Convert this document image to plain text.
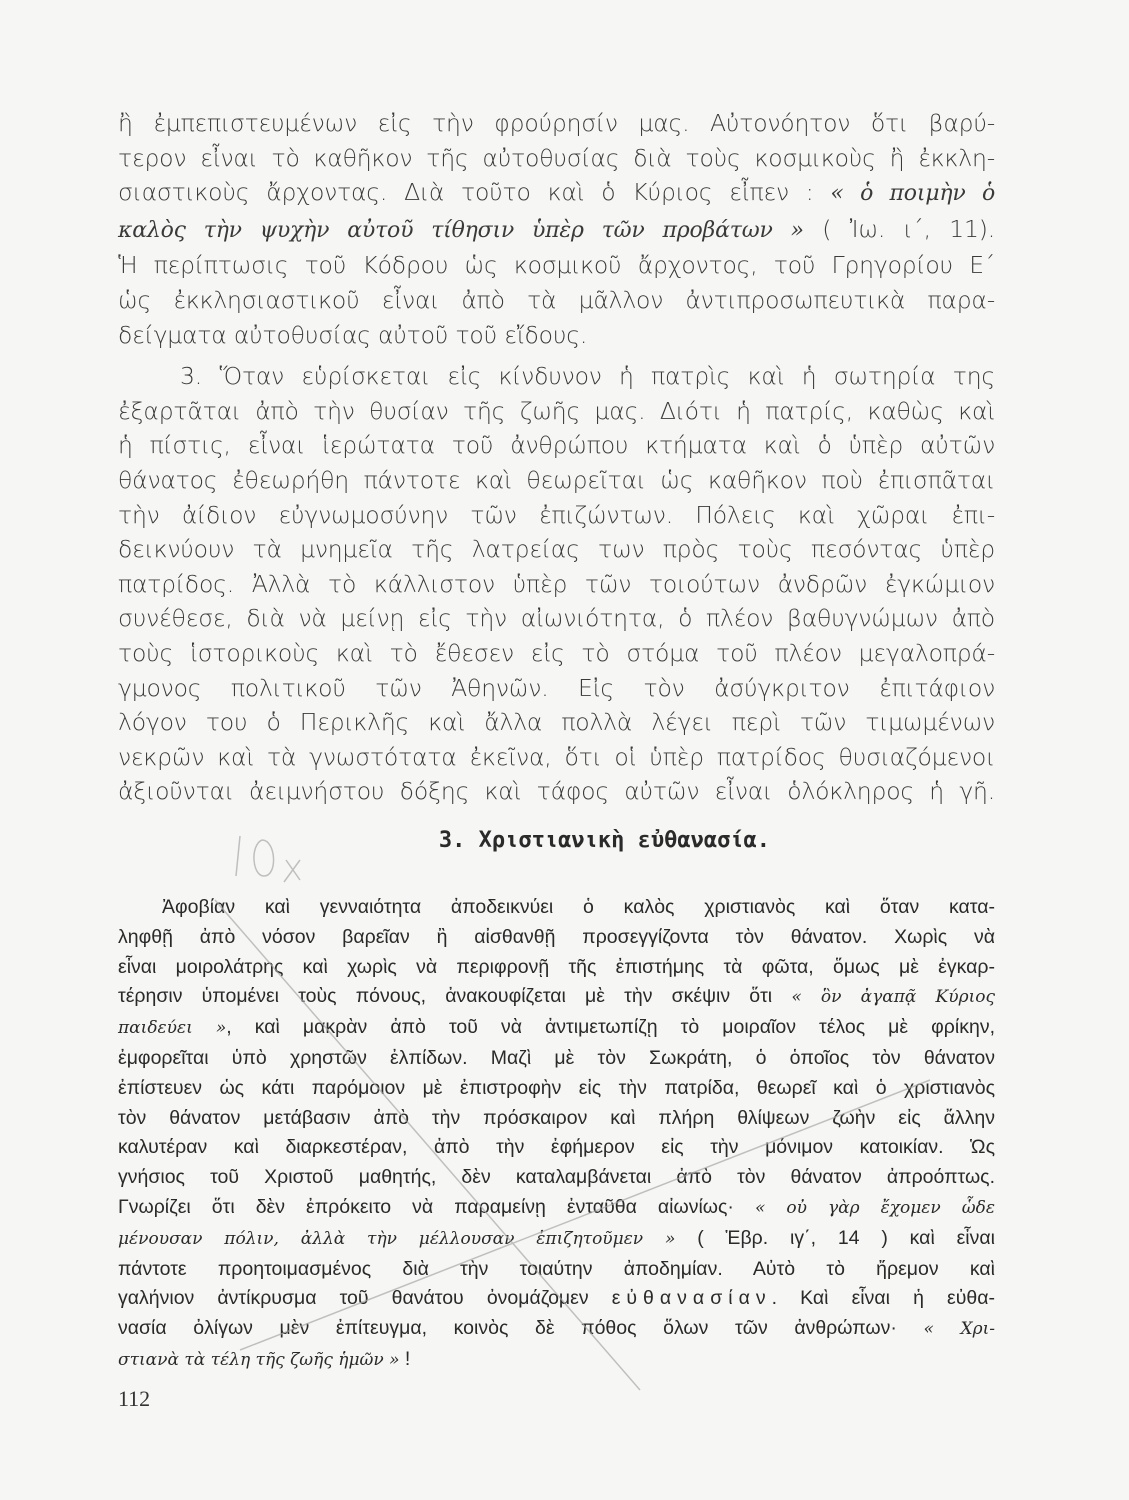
ἢ ἐμπεπιστευμένων εἰς τὴν φρούρησίν μας. Αὐτονόητον ὅτι βαρύ-
τερον εἶναι τὸ καθῆκον τῆς αὐτοθυσίας διὰ τοὺς κοσμικοὺς ἢ ἐκκλη-
σιαστικοὺς ἄρχοντας. Διὰ τοῦτο καὶ ὁ Κύριος εἶπεν : « ὁ ποιμὴν ὁ
καλὸς τὴν ψυχὴν αὐτοῦ τίθησιν ὑπὲρ τῶν προβάτων » ( Ἰω. ι΄, 11).
Ἡ περίπτωσις τοῦ Κόδρου ὡς κοσμικοῦ ἄρχοντος, τοῦ Γρηγορίου Ε΄
ὡς ἐκκλησιαστικοῦ εἶναι ἀπὸ τὰ μᾶλλον ἀντιπροσωπευτικὰ παρα-
δείγματα αὐτοθυσίας αὐτοῦ τοῦ εἴδους.
3. Ὅταν εὑρίσκεται εἰς κίνδυνον ἡ πατρὶς καὶ ἡ σωτηρία της
ἐξαρτᾶται ἀπὸ τὴν θυσίαν τῆς ζωῆς μας. Διότι ἡ πατρίς, καθὼς καὶ
ἡ πίστις, εἶναι ἱερώτατα τοῦ ἀνθρώπου κτήματα καὶ ὁ ὑπὲρ αὐτῶν
θάνατος ἐθεωρήθη πάντοτε καὶ θεωρεῖται ὡς καθῆκον ποὺ ἐπισπᾶται
τὴν ἀίδιον εὐγνωμοσύνην τῶν ἐπιζώντων. Πόλεις καὶ χῶραι ἐπι-
δεικνύουν τὰ μνημεῖα τῆς λατρείας των πρὸς τοὺς πεσόντας ὑπὲρ
πατρίδος. Ἀλλὰ τὸ κάλλιστον ὑπὲρ τῶν τοιούτων ἀνδρῶν ἐγκώμιον
συνέθεσε, διὰ νὰ μείνῃ εἰς τὴν αἰωνιότητα, ὁ πλέον βαθυγνώμων ἀπὸ
τοὺς ἱστορικοὺς καὶ τὸ ἔθεσεν εἰς τὸ στόμα τοῦ πλέον μεγαλοπρά-
γμονος πολιτικοῦ τῶν Ἀθηνῶν. Εἰς τὸν ἀσύγκριτον ἐπιτάφιον
λόγον του ὁ Περικλῆς καὶ ἄλλα πολλὰ λέγει περὶ τῶν τιμωμένων
νεκρῶν καὶ τὰ γνωστότατα ἐκεῖνα, ὅτι οἱ ὑπὲρ πατρίδος θυσιαζόμενοι
ἀξιοῦνται ἀειμνήστου δόξης καὶ τάφος αὐτῶν εἶναι ὁλόκληρος ἡ γῆ.
3. Χριστιανικὴ εὐθανασία.
Ἀφοβίαν καὶ γενναιότητα ἀποδεικνύει ὁ καλὸς χριστιανὸς καὶ ὅταν κατα-
ληφθῇ ἀπὸ νόσον βαρεῖαν ἢ αἰσθανθῇ προσεγγίζοντα τὸν θάνατον. Χωρὶς νὰ
εἶναι μοιρολάτρης καὶ χωρὶς νὰ περιφρονῇ τῆς ἐπιστήμης τὰ φῶτα, ὅμως μὲ ἐγκαρ-
τέρησιν ὑπομένει τοὺς πόνους, ἀνακουφίζεται μὲ τὴν σκέψιν ὅτι « ὃν ἀγαπᾷ Κύριος
παιδεύει », καὶ μακρὰν ἀπὸ τοῦ νὰ ἀντιμετωπίζῃ τὸ μοιραῖον τέλος μὲ φρίκην,
ἐμφορεῖται ὑπὸ χρηστῶν ἐλπίδων. Μαζὶ μὲ τὸν Σωκράτη, ὁ ὁποῖος τὸν θάνατον
ἐπίστευεν ὡς κάτι παρόμοιον μὲ ἐπιστροφὴν εἰς τὴν πατρίδα, θεωρεῖ καὶ ὁ χριστιανὸς
τὸν θάνατον μετάβασιν ἀπὸ τὴν πρόσκαιρον καὶ πλήρη θλίψεων ζωὴν εἰς ἄλλην
καλυτέραν καὶ διαρκεστέραν, ἀπὸ τὴν ἐφήμερον εἰς τὴν μόνιμον κατοικίαν. Ὡς
γνήσιος τοῦ Χριστοῦ μαθητής, δὲν καταλαμβάνεται ἀπὸ τὸν θάνατον ἀπροόπτως.
Γνωρίζει ὅτι δὲν ἐπρόκειτο νὰ παραμείνῃ ἐνταῦθα αἰωνίως· « οὐ γὰρ ἔχομεν ὧδε
μένουσαν πόλιν, ἀλλὰ τὴν μέλλουσαν ἐπιζητοῦμεν » ( Ἑβρ. ιγ΄, 14 ) καὶ εἶναι
πάντοτε προητοιμασμένος διὰ τὴν τοιαύτην ἀποδημίαν. Αὐτὸ τὸ ἤρεμον καὶ
γαλήνιον ἀντίκρυσμα τοῦ θανάτου ὀνομάζομεν εὐθανασίαν. Καὶ εἶναι ἡ εὐθα-
νασία ὀλίγων μὲν ἐπίτευγμα, κοινὸς δὲ πόθος ὅλων τῶν ἀνθρώπων· « Χρι-
στιανὰ τὰ τέλη τῆς ζωῆς ἡμῶν » !
112
